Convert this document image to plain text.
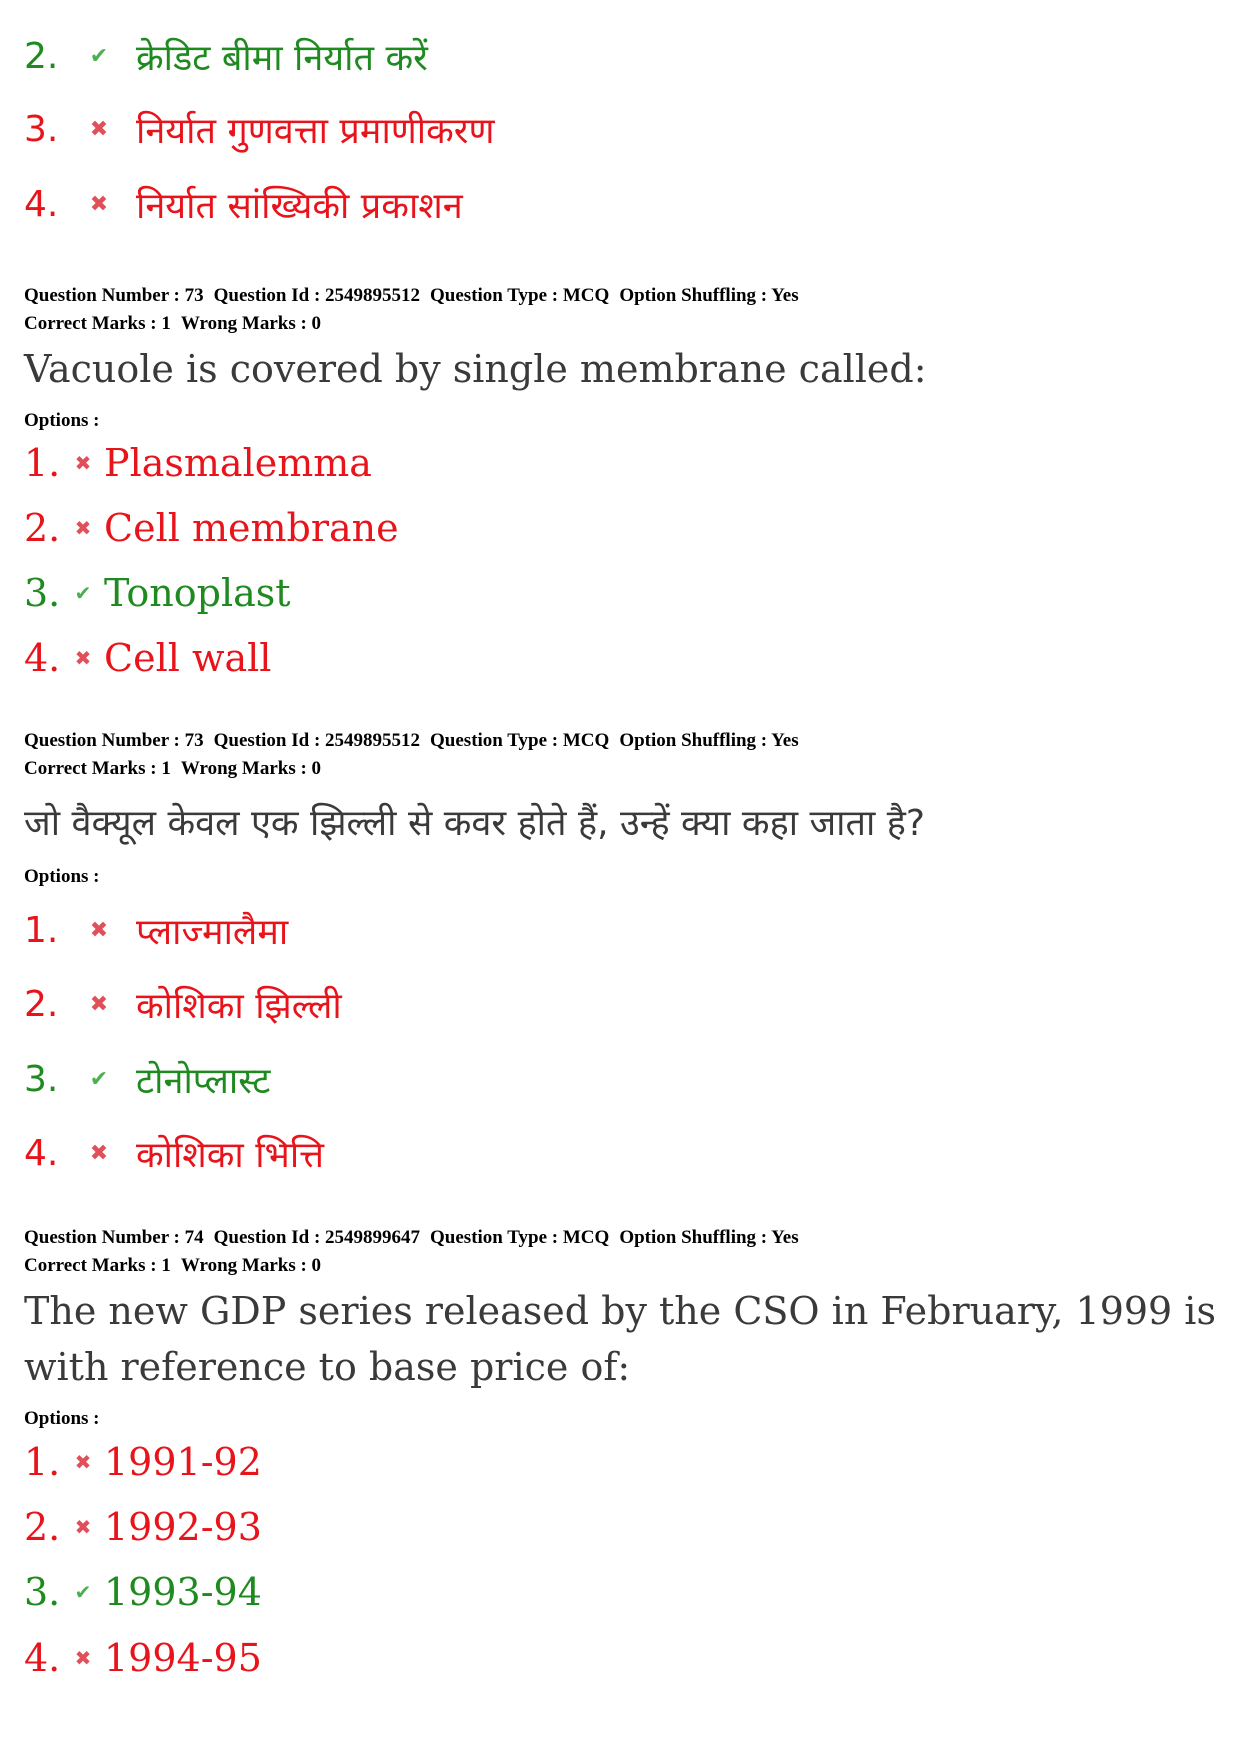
2.	✔ क्रेडिट बीमा निर्यात करें
3.	✖ निर्यात गुणवत्ता प्रमाणीकरण
4.	✖ निर्यात सांख्यिकी प्रकाशन
Question Number : 73 Question Id : 2549895512 Question Type : MCQ Option Shuffling : Yes
Correct Marks : 1 Wrong Marks : 0
Vacuole is covered by single membrane called:
Options :
1. ✖ Plasmalemma
2. ✖ Cell membrane
3. ✔ Tonoplast
4. ✖ Cell wall
Question Number : 73 Question Id : 2549895512 Question Type : MCQ Option Shuffling : Yes
Correct Marks : 1 Wrong Marks : 0
जो वैक्यूल केवल एक झिल्ली से कवर होते हैं, उन्हें क्या कहा जाता है?
Options :
1.	✖ प्लाज्मालैमा
2.	✖ कोशिका झिल्ली
3.	✔ टोनोप्लास्ट
4.	✖ कोशिका भित्ति
Question Number : 74 Question Id : 2549899647 Question Type : MCQ Option Shuffling : Yes
Correct Marks : 1 Wrong Marks : 0
The new GDP series released by the CSO in February, 1999 is
with reference to base price of:
Options :
1. ✖ 1991-92
2. ✖ 1992-93
3. ✔ 1993-94
4. ✖ 1994-95
